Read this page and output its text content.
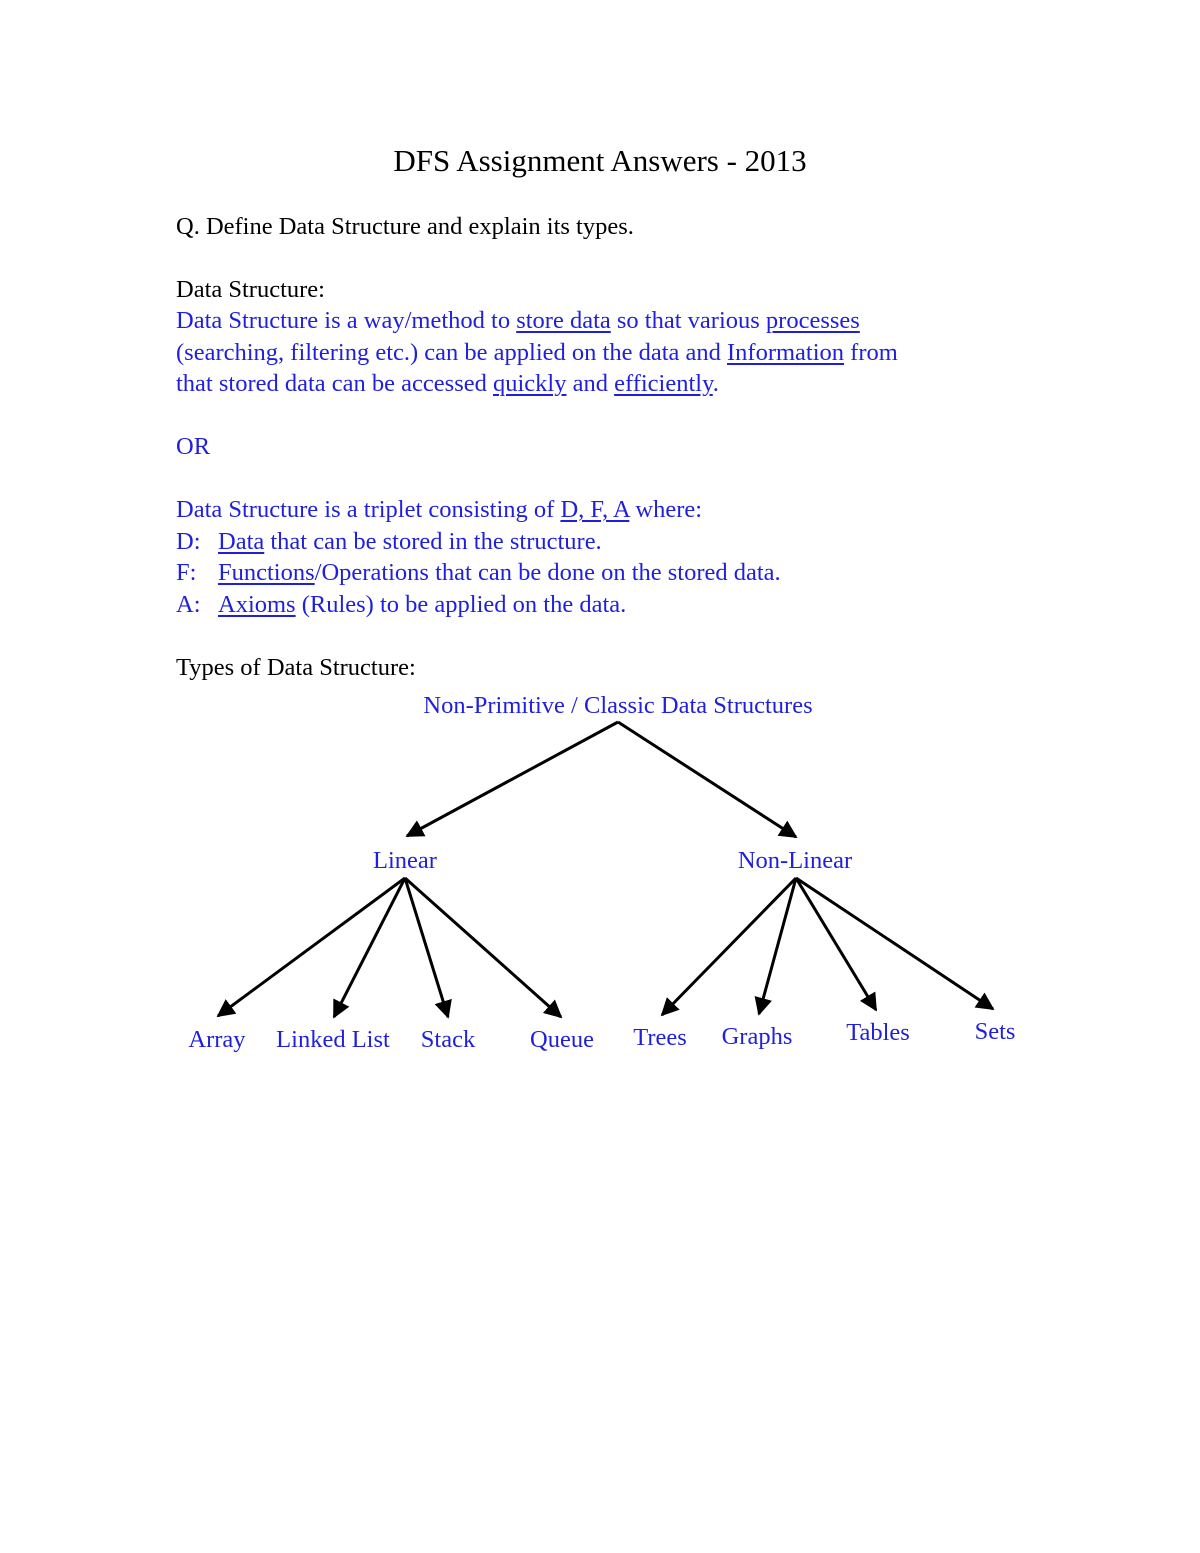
DFS Assignment Answers - 2013
Q. Define Data Structure and explain its types.
Data Structure:
Data Structure is a way/method to store data so that various processes
(searching, filtering etc.) can be applied on the data and Information from
that stored data can be accessed quickly and efficiently.
OR
Data Structure is a triplet consisting of D, F, A where:
D: Data that can be stored in the structure.
F: Functions/Operations that can be done on the stored data.
A: Axioms (Rules) to be applied on the data.
Types of Data Structure:
Non-Primitive / Classic Data Structures
Linear	Non-Linear
Array Linked List Stack Queue Trees Graphs Tables	Sets
